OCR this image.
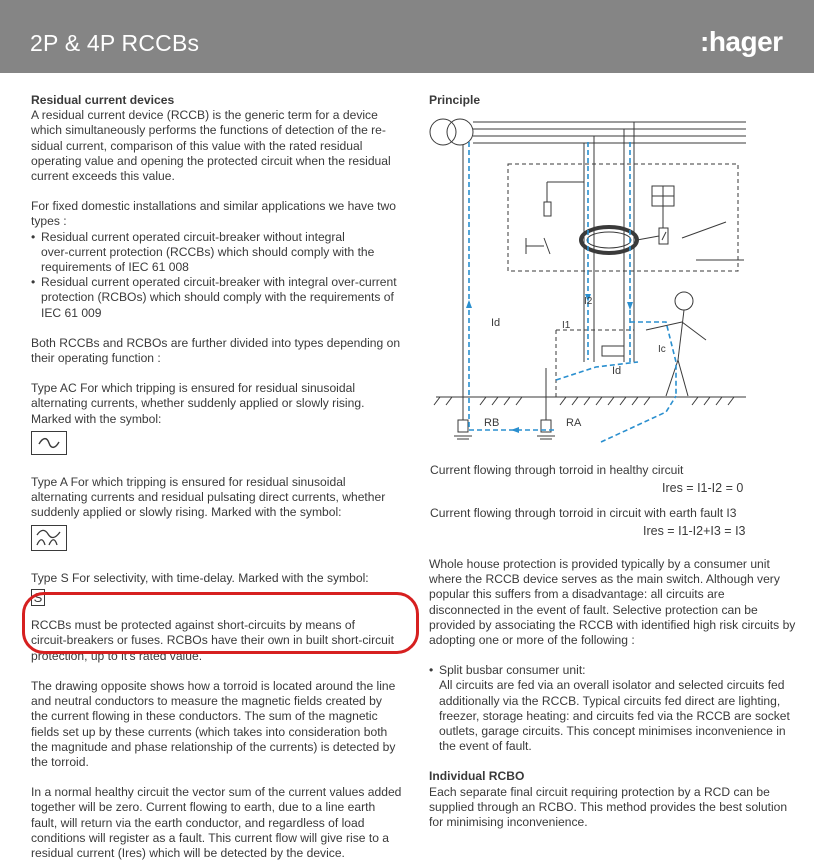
2P & 4P RCCBs	:hager

Residual current devices

A residual current device (RCCB) is the generic term for a device

which simultaneously performs the functions of detection of the re-

sidual current, comparison of this value with the rated residual

operating value and opening the protected circuit when the residual

current exceeds this value.

For fixed domestic installations and similar applications we have two

types :

• Residual current operated circuit-breaker without integral

over-current protection (RCCBs) which should comply with the

requirements of IEC 61 008

• Residual current operated circuit-breaker with integral over-current

protection (RCBOs) which should comply with the requirements of

IEC 61 009

Both RCCBs and RCBOs are further divided into types depending on

their operating function :

Type AC For which tripping is ensured for residual sinusoidal

alternating currents, whether suddenly applied or slowly rising.

Marked with the symbol:

Type A For which tripping is ensured for residual sinusoidal

alternating currents and residual pulsating direct currents, whether

suddenly applied or slowly rising. Marked with the symbol:

Type S For selectivity, with time-delay. Marked with the symbol:

S

RCCBs must be protected against short-circuits by means of

circuit-breakers or fuses. RCBOs have their own in built short-circuit

protection, up to it's rated value.

The drawing opposite shows how a torroid is located around the line

and neutral conductors to measure the magnetic fields created by

the current flowing in these conductors. The sum of the magnetic

fields set up by these currents (which takes into consideration both

the magnitude and phase relationship of the currents) is detected by

the torroid.

In a normal healthy circuit the vector sum of the current values added

together will be zero. Current flowing to earth, due to a line earth

fault, will return via the earth conductor, and regardless of load

conditions will register as a fault. This current flow will give rise to a

residual current (Ires) which will be detected by the device.

Principle

Id	I1
I2
Ic
Id
RB	RA
Current flowing through torroid in healthy circuit
Ires = I1-I2 = 0
Current flowing through torroid in circuit with earth fault I3
Ires = I1-I2+I3 = I3

Whole house protection is provided typically by a consumer unit

where the RCCB device serves as the main switch. Although very

popular this suffers from a disadvantage: all circuits are

disconnected in the event of fault. Selective protection can be

provided by associating the RCCB with identified high risk circuits by

adopting one or more of the following :

• Split busbar consumer unit:

All circuits are fed via an overall isolator and selected circuits fed

additionally via the RCCB. Typical circuits fed direct are lighting,

freezer, storage heating: and circuits fed via the RCCB are socket

outlets, garage circuits. This concept minimises inconvenience in

the event of fault.

Individual RCBO

Each separate final circuit requiring protection by a RCD can be

supplied through an RCBO. This method provides the best solution

for minimising inconvenience.
